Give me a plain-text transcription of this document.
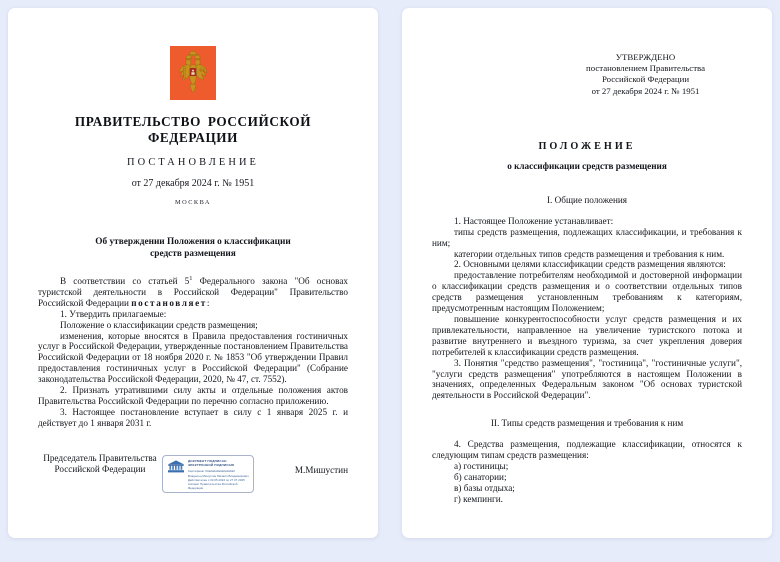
ПРАВИТЕЛЬСТВО РОССИЙСКОЙ ФЕДЕРАЦИИ
ПОСТАНОВЛЕНИЕ
от 27 декабря 2024 г. № 1951
МОСКВА
Об утверждении Положения о классификации
средств размещения

В соответствии со статьей $5^1$ Федерального закона "Об основах туристской деятельности в Российской Федерации" Правительство Российской Федерации постановляет:

1. Утвердить прилагаемые:

Положение о классификации средств размещения;

изменения, которые вносятся в Правила предоставления гостиничных услуг в Российской Федерации, утвержденные постановлением Правительства Российской Федерации от 18 ноября 2020 г. № 1853 "Об утверждении Правил предоставления гостиничных услуг в Российской Федерации" (Собрание законодательства Российской Федерации, 2020, № 47, ст. 7552).

2. Признать утратившими силу акты и отдельные положения актов Правительства Российской Федерации по перечню согласно приложению.

3. Настоящее постановление вступает в силу с 1 января 2025 г. и действует до 1 января 2031 г.

Председатель Правительства
Российской Федерации
ДОКУМЕНТ ПОДПИСАН
ЭЛЕКТРОННОЙ ПОДПИСЬЮ
Сертификат 00а0а0а0а0а0а0а0а0
Владелец Мишустин Михаил Владимирович
Действителен с 03.05.2024 по 27.07.2025
Аппарат Правительства Российской
Федерации
М.Мишустин
УТВЕРЖДЕНО
постановлением Правительства
Российской Федерации
от 27 декабря 2024 г. № 1951
ПОЛОЖЕНИЕ
о классификации средств размещения
I. Общие положения

1. Настоящее Положение устанавливает:

типы средств размещения, подлежащих классификации, и требования к ним;

категории отдельных типов средств размещения и требования к ним.

2. Основными целями классификации средств размещения являются:

предоставление потребителям необходимой и достоверной информации о классификации средств размещения и о соответствии отдельных типов средств размещения установленным требованиям к категориям, предусмотренным настоящим Положением;

повышение конкурентоспособности услуг средств размещения и их привлекательности, направленное на увеличение туристского потока и развитие внутреннего и въездного туризма, за счет укрепления доверия потребителей к классификации средств размещения.

3. Понятия "средство размещения", "гостиница", "гостиничные услуги", "услуги средств размещения" употребляются в настоящем Положении в значениях, определенных Федеральным законом "Об основах туристской деятельности в Российской Федерации".

II. Типы средств размещения и требования к ним

4. Средства размещения, подлежащие классификации, относятся к следующим типам средств размещения:

а) гостиницы;

б) санатории;

в) базы отдыха;

г) кемпинги.
